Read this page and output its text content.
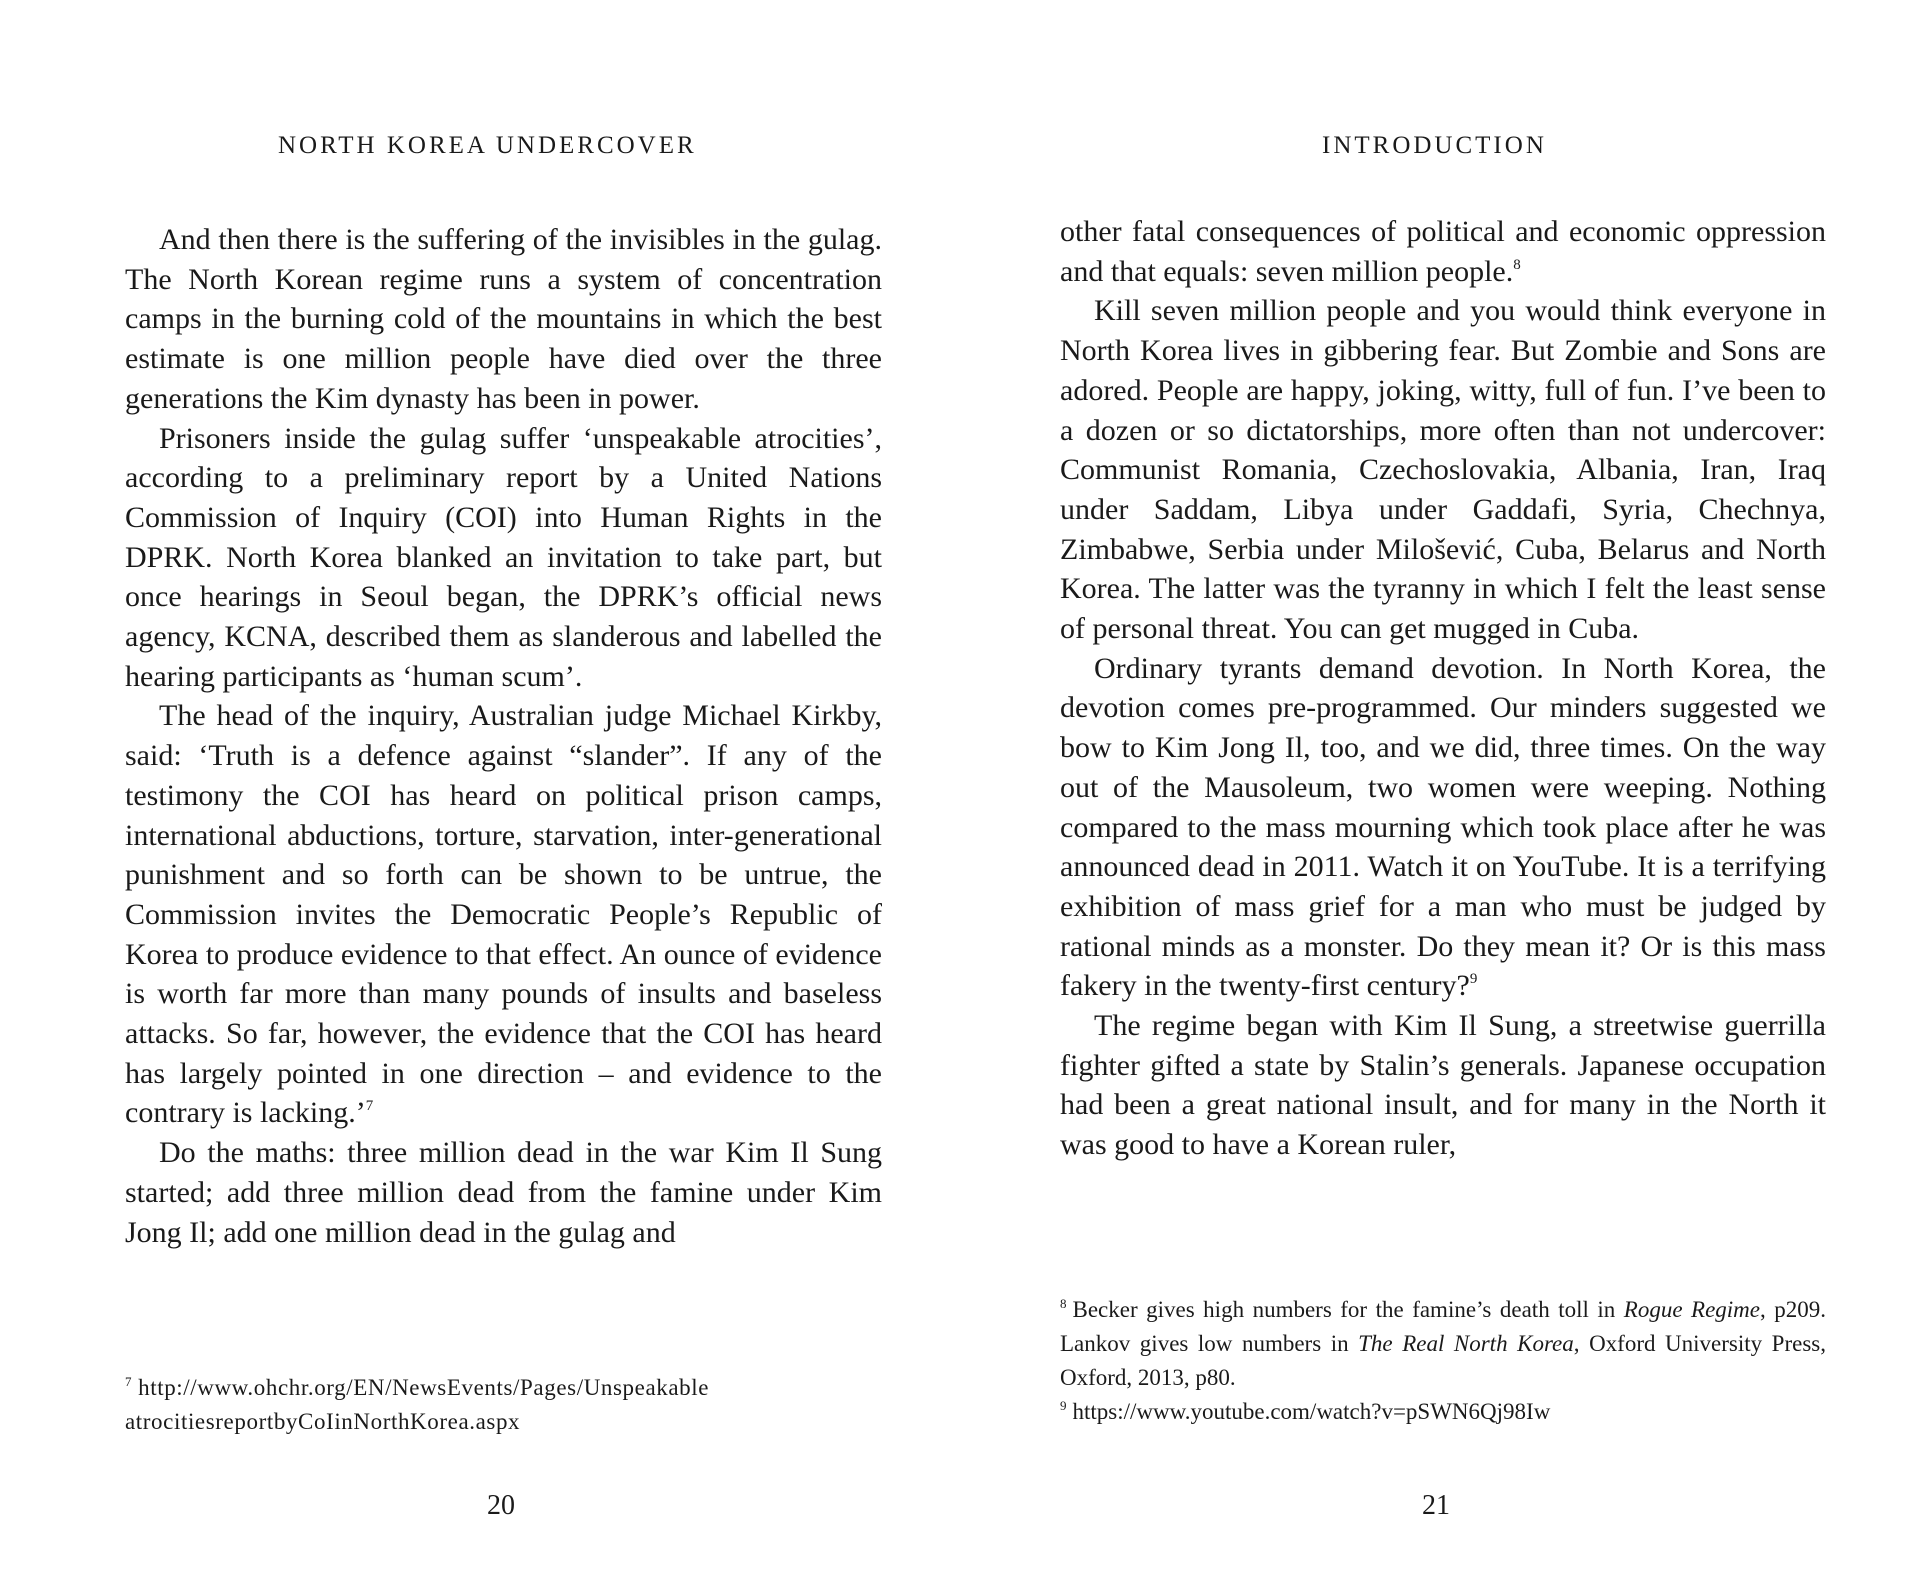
NORTH KOREA UNDERCOVER

And then there is the suffering of the invisibles in the gulag. The North Korean regime runs a system of concentration camps in the burning cold of the mountains in which the best estimate is one million people have died over the three generations the Kim dynasty has been in power.

Prisoners inside the gulag suffer ‘unspeakable atrocities’, according to a preliminary report by a United Nations Commission of Inquiry (COI) into Human Rights in the DPRK. North Korea blanked an invitation to take part, but once hearings in Seoul began, the DPRK’s official news agency, KCNA, described them as slanderous and labelled the hearing participants as ‘human scum’.

The head of the inquiry, Australian judge Michael Kirkby, said: ‘Truth is a defence against “slander”. If any of the testimony the COI has heard on political prison camps, international abductions, torture, starvation, inter-generational punishment and so forth can be shown to be untrue, the Commission invites the Democratic People’s Republic of Korea to produce evidence to that effect. An ounce of evidence is worth far more than many pounds of insults and baseless attacks. So far, however, the evidence that the COI has heard has largely pointed in one direction – and evidence to the contrary is lacking.’$^7$

Do the maths: three million dead in the war Kim Il Sung started; add three million dead from the famine under Kim Jong Il; add one million dead in the gulag and

$^7$ http://www.ohchr.org/EN/NewsEvents/Pages/Unspeakable

atrocitiesreportbyCoIinNorthKorea.aspx

20
INTRODUCTION

other fatal consequences of political and economic oppression and that equals: seven million people.$^8$

Kill seven million people and you would think everyone in North Korea lives in gibbering fear. But Zombie and Sons are adored. People are happy, joking, witty, full of fun. I’ve been to a dozen or so dictatorships, more often than not undercover: Communist Romania, Czechoslovakia, Albania, Iran, Iraq under Saddam, Libya under Gaddafi, Syria, Chechnya, Zimbabwe, Serbia under Milošević, Cuba, Belarus and North Korea. The latter was the tyranny in which I felt the least sense of personal threat. You can get mugged in Cuba.

Ordinary tyrants demand devotion. In North Korea, the devotion comes pre-programmed. Our minders suggested we bow to Kim Jong Il, too, and we did, three times. On the way out of the Mausoleum, two women were weeping. Nothing compared to the mass mourning which took place after he was announced dead in 2011. Watch it on YouTube. It is a terrifying exhibition of mass grief for a man who must be judged by rational minds as a monster. Do they mean it? Or is this mass fakery in the twenty-first century?$^9$

The regime began with Kim Il Sung, a streetwise guerrilla fighter gifted a state by Stalin’s generals. Japanese occupation had been a great national insult, and for many in the North it was good to have a Korean ruler,

$^8$ Becker gives high numbers for the famine’s death toll in Rogue Regime, p209. Lankov gives low numbers in The Real North Korea, Oxford University Press, Oxford, 2013, p80.

$^9$ https://www.youtube.com/watch?v=pSWN6Qj98Iw

21
